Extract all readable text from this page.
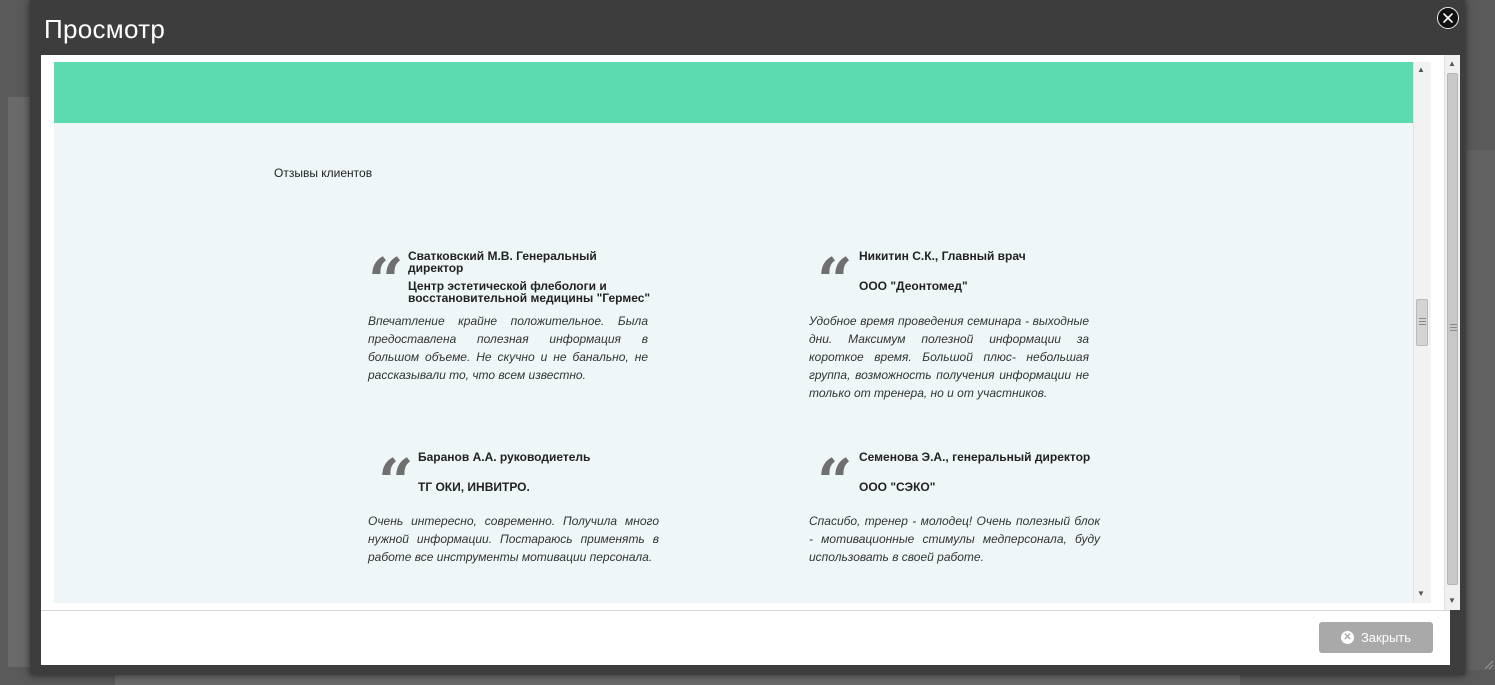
Просмотр
Отзывы клиентов
“ Сватковский М.В. Генеральный директор
Центр эстетической флебологи и восстановительной медицины "Гермес"
Впечатление крайне положительное. Была предоставлена полезная информация в большом объеме. Не скучно и не банально, не рассказывали то, что всем известно.
“ Никитин С.К., Главный врач
ООО "Деонтомед"
Удобное время проведения семинара - выходные дни. Максимум полезной информации за короткое время. Большой плюс- небольшая группа, возможность получения информации не только от тренера, но и от участников.
“ Баранов А.А. руководиетель
ТГ ОКИ, ИНВИТРО.
Очень интересно, современно. Получила много нужной информации. Постараюсь применять в работе все инструменты мотивации персонала.
“ Семенова Э.А., генеральный директор
ООО "СЭКО"
Спасибо, тренер - молодец! Очень полезный блок - мотивационные стимулы медперсонала, буду использовать в своей работе.
▲
▼
▲
▼
✕ Закрыть
